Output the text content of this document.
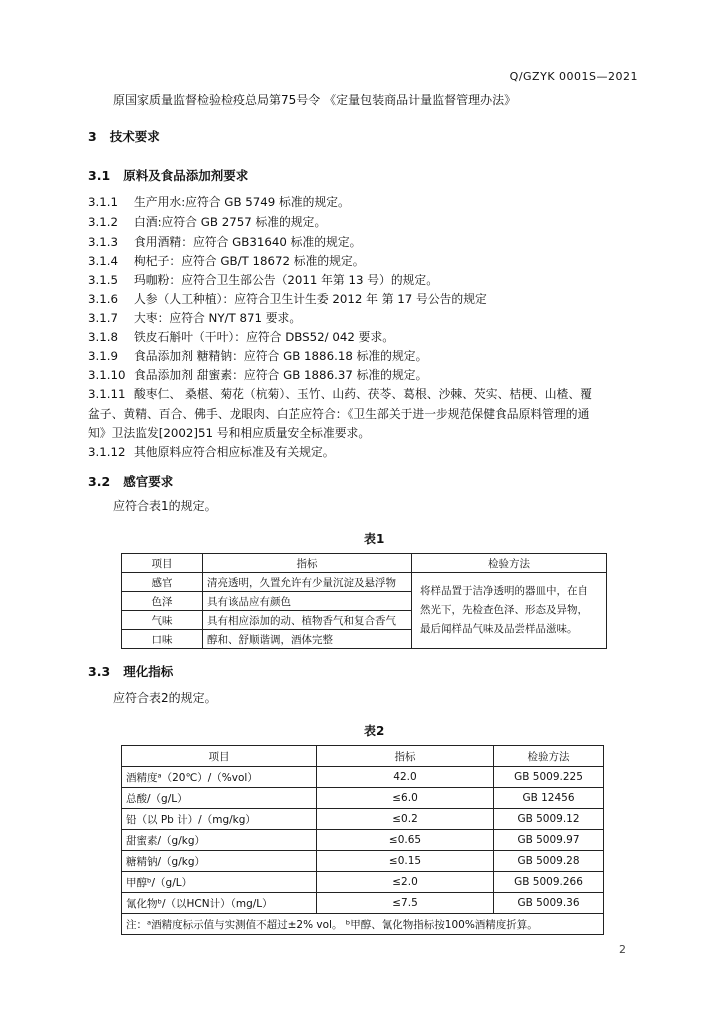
Q/GZYK 0001S—2021
原国家质量监督检验检疫总局第75号令 《定量包装商品计量监督管理办法》
3 技术要求
3.1 原料及食品添加剂要求
3.1.1 生产用水:应符合 GB 5749 标准的规定。
3.1.2 白酒:应符合 GB 2757 标准的规定。
3.1.3 食用酒精：应符合 GB31640 标准的规定。
3.1.4 枸杞子：应符合 GB/T 18672 标准的规定。
3.1.5 玛咖粉：应符合卫生部公告（2011 年第 13 号）的规定。
3.1.6 人参（人工种植）：应符合卫生计生委 2012 年 第 17 号公告的规定
3.1.7 大枣：应符合 NY/T 871 要求。
3.1.8 铁皮石斛叶（干叶）：应符合 DBS52/ 042 要求。
3.1.9 食品添加剂 糖精钠：应符合 GB 1886.18 标准的规定。
3.1.10 食品添加剂 甜蜜素：应符合 GB 1886.37 标准的规定。
3.1.11 酸枣仁、 桑椹、菊花（杭菊）、玉竹、山药、茯苓、葛根、沙棘、芡实、桔梗、山楂、覆
盆子、黄精、百合、佛手、龙眼肉、白芷应符合：《卫生部关于进一步规范保健食品原料管理的通
知》卫法监发[2002]51 号和相应质量安全标准要求。
3.1.12 其他原料应符合相应标准及有关规定。
3.2 感官要求
应符合表1的规定。
表1
项目	指标	检验方法
感官	清亮透明，久置允许有少量沉淀及悬浮物	将样品置于洁净透明的器皿中，在自然光下，先检查色泽、形态及异物，最后闻样品气味及品尝样品滋味。
色泽	具有该品应有颜色	
气味	具有相应添加的动、植物香气和复合香气	
口味	醇和、舒顺谐调，酒体完整	
3.3 理化指标
应符合表2的规定。
表2
项目	指标	检验方法
酒精度ᵃ（20℃）/（%vol）	42.0	GB 5009.225
总酸/（g/L）	≤6.0	GB 12456
铅（以 Pb 计）/（mg/kg）	≤0.2	GB 5009.12
甜蜜素/（g/kg）	≤0.65	GB 5009.97
糖精钠/（g/kg）	≤0.15	GB 5009.28
甲醇ᵇ/（g/L）	≤2.0	GB 5009.266
氰化物ᵇ/（以HCN计）（mg/L）	≤7.5	GB 5009.36
注：ᵃ酒精度标示值与实测值不超过±2% vol。 ᵇ甲醇、氰化物指标按100%酒精度折算。		
2
